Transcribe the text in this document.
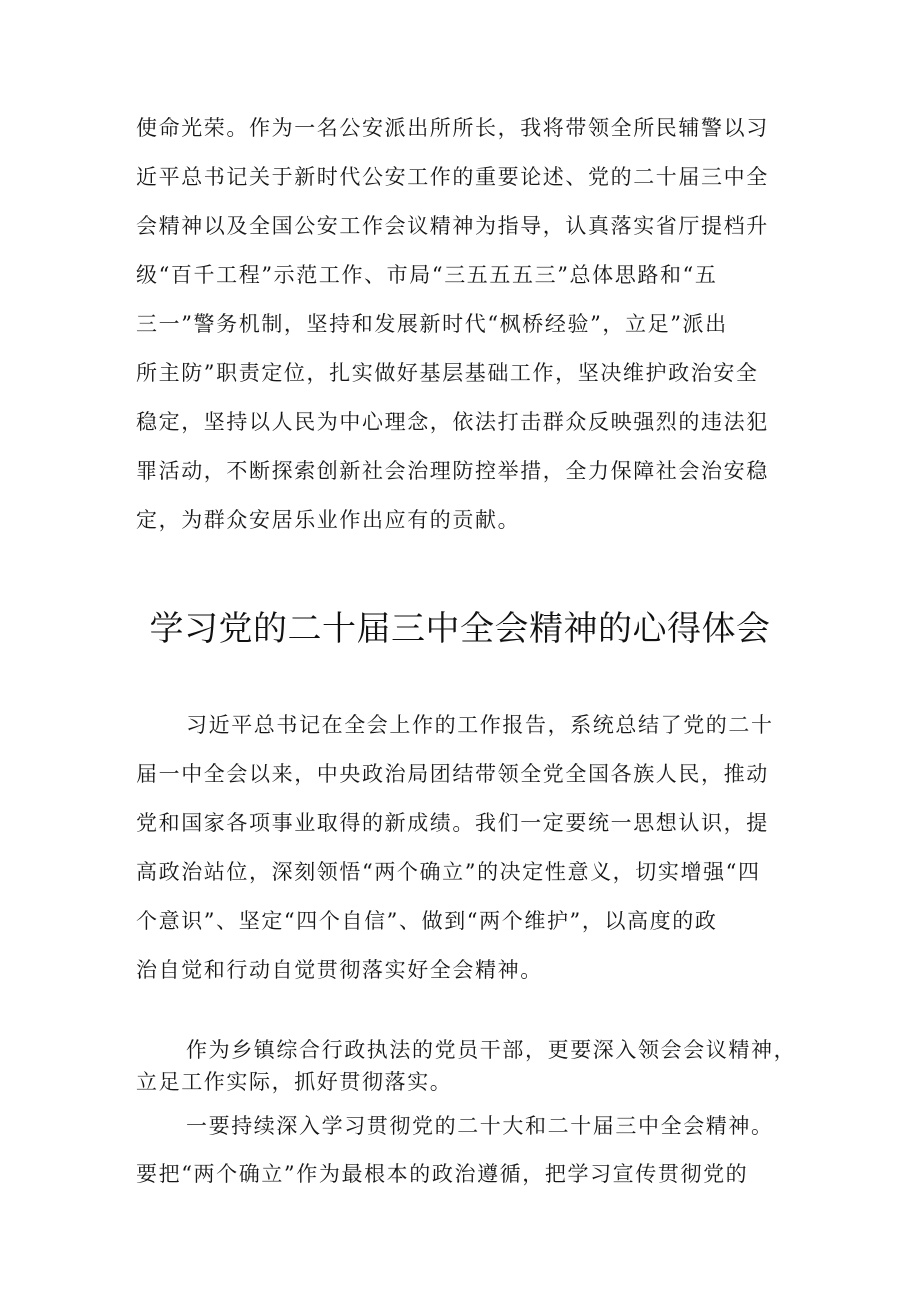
使命光荣。作为一名公安派出所所长，我将带领全所民辅警以习
近平总书记关于新时代公安工作的重要论述、党的二十届三中全
会精神以及全国公安工作会议精神为指导，认真落实省厅提档升
级“百千工程”示范工作、市局“三五五五三”总体思路和“五
三一”警务机制，坚持和发展新时代“枫桥经验”，立足”派出
所主防”职责定位，扎实做好基层基础工作，坚决维护政治安全
稳定，坚持以人民为中心理念，依法打击群众反映强烈的违法犯
罪活动，不断探索创新社会治理防控举措，全力保障社会治安稳
定，为群众安居乐业作出应有的贡献。
学习党的二十届三中全会精神的心得体会
习近平总书记在全会上作的工作报告，系统总结了党的二十
届一中全会以来，中央政治局团结带领全党全国各族人民，推动
党和国家各项事业取得的新成绩。我们一定要统一思想认识，提
高政治站位，深刻领悟“两个确立”的决定性意义，切实增强“四
个意识”、坚定“四个自信”、做到“两个维护”，以高度的政
治自觉和行动自觉贯彻落实好全会精神。
作为乡镇综合行政执法的党员干部，更要深入领会会议精神，
立足工作实际，抓好贯彻落实。
一要持续深入学习贯彻党的二十大和二十届三中全会精神。
要把“两个确立”作为最根本的政治遵循，把学习宣传贯彻党的
